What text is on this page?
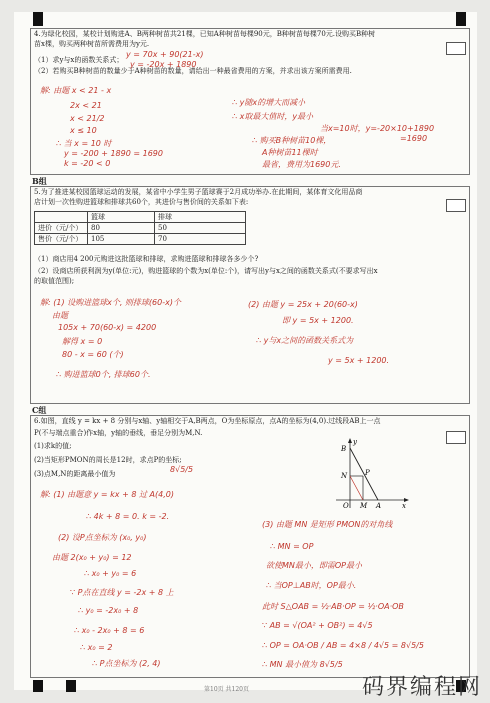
4.为绿化校园，某校计划购进A、B两种树苗共21棵，已知A种树苗每棵90元，B种树苗每棵70元.设购买B种树
苗x棵，购买两种树苗所需费用为y元.
（1）求y与x的函数关系式；
（2）若购买B种树苗的数量少于A种树苗的数量，请给出一种最省费用的方案，并求出该方案所需费用.
y = 70x + 90(21-x)
y = -20x + 1890
解: 由题 x < 21 - x
2x < 21
x < 21/2
x ≤ 10
∴ 当 x = 10 时
y = -200 + 1890 = 1690
k = -20 < 0
∴ y随x的增大而减小
∴ x取最大值时，y最小
当x=10时，y=-20×10+1890
=1690
∴ 购买B种树苗10棵，
A种树苗11棵时
最省，费用为1690元.
B组
5.为了推进某校园篮球运动的发展，某省中小学生男子篮球赛于2月成功举办.在此期间，某体育文化用品商
店计划一次性购进篮球和排球共60个，其进价与售价间的关系如下表:
	篮球	排球
进价（元/个）	80	50
售价（元/个）	105	70
（1）商店用4 200元购进这批篮球和排球，求购进篮球和排球各多少个?
（2）设商店所获利润为y(单位:元)，购进篮球的个数为x(单位:个)，请写出y与x之间的函数关系式(不要求写出x
的取值范围);
解: (1) 设购进篮球x个, 则排球(60-x)个
由题
105x + 70(60-x) = 4200
解得 x = 0
80 - x = 60 (个)
∴ 购进篮球0个, 排球60个.
(2) 由题 y = 25x + 20(60-x)
即 y = 5x + 1200.
∴ y与x之间的函数关系式为
y = 5x + 1200.
C组
6.如图，直线 y = kx + 8 分别与x轴、y轴相交于A,B两点，O为坐标原点，点A的坐标为(4,0).过线段AB上一点
P(不与端点重合)作x轴，y轴的垂线，垂足分别为M,N.
(1)求k的值;
(2)当矩形PMON的周长是12时，求点P的坐标;
(3)点M,N的距离最小值为	8√5/5
y
x
B
N	P
O M A
解: (1) 由题意 y = kx + 8 过 A(4,0)
∴ 4k + 8 = 0. k = -2.
(2) 设P点坐标为 (x₀, y₀)
由题 2(x₀ + y₀) = 12
∴ x₀ + y₀ = 6
∵ P点在直线 y = -2x + 8 上
∴ y₀ = -2x₀ + 8
∴ x₀ - 2x₀ + 8 = 6
∴ x₀ = 2
∴ P点坐标为 (2, 4)
(3) 由题 MN 是矩形 PMON的对角线
∴ MN = OP
欲使MN最小，即需OP最小
∴ 当OP⊥AB时，OP最小.
此时 S△OAB = ½·AB·OP = ½·OA·OB
∵ AB = √(OA² + OB²) = 4√5
∴ OP = OA·OB / AB = 4×8 / 4√5 = 8√5/5
∴ MN 最小值为 8√5/5
第10页 共120页	码界编程网
